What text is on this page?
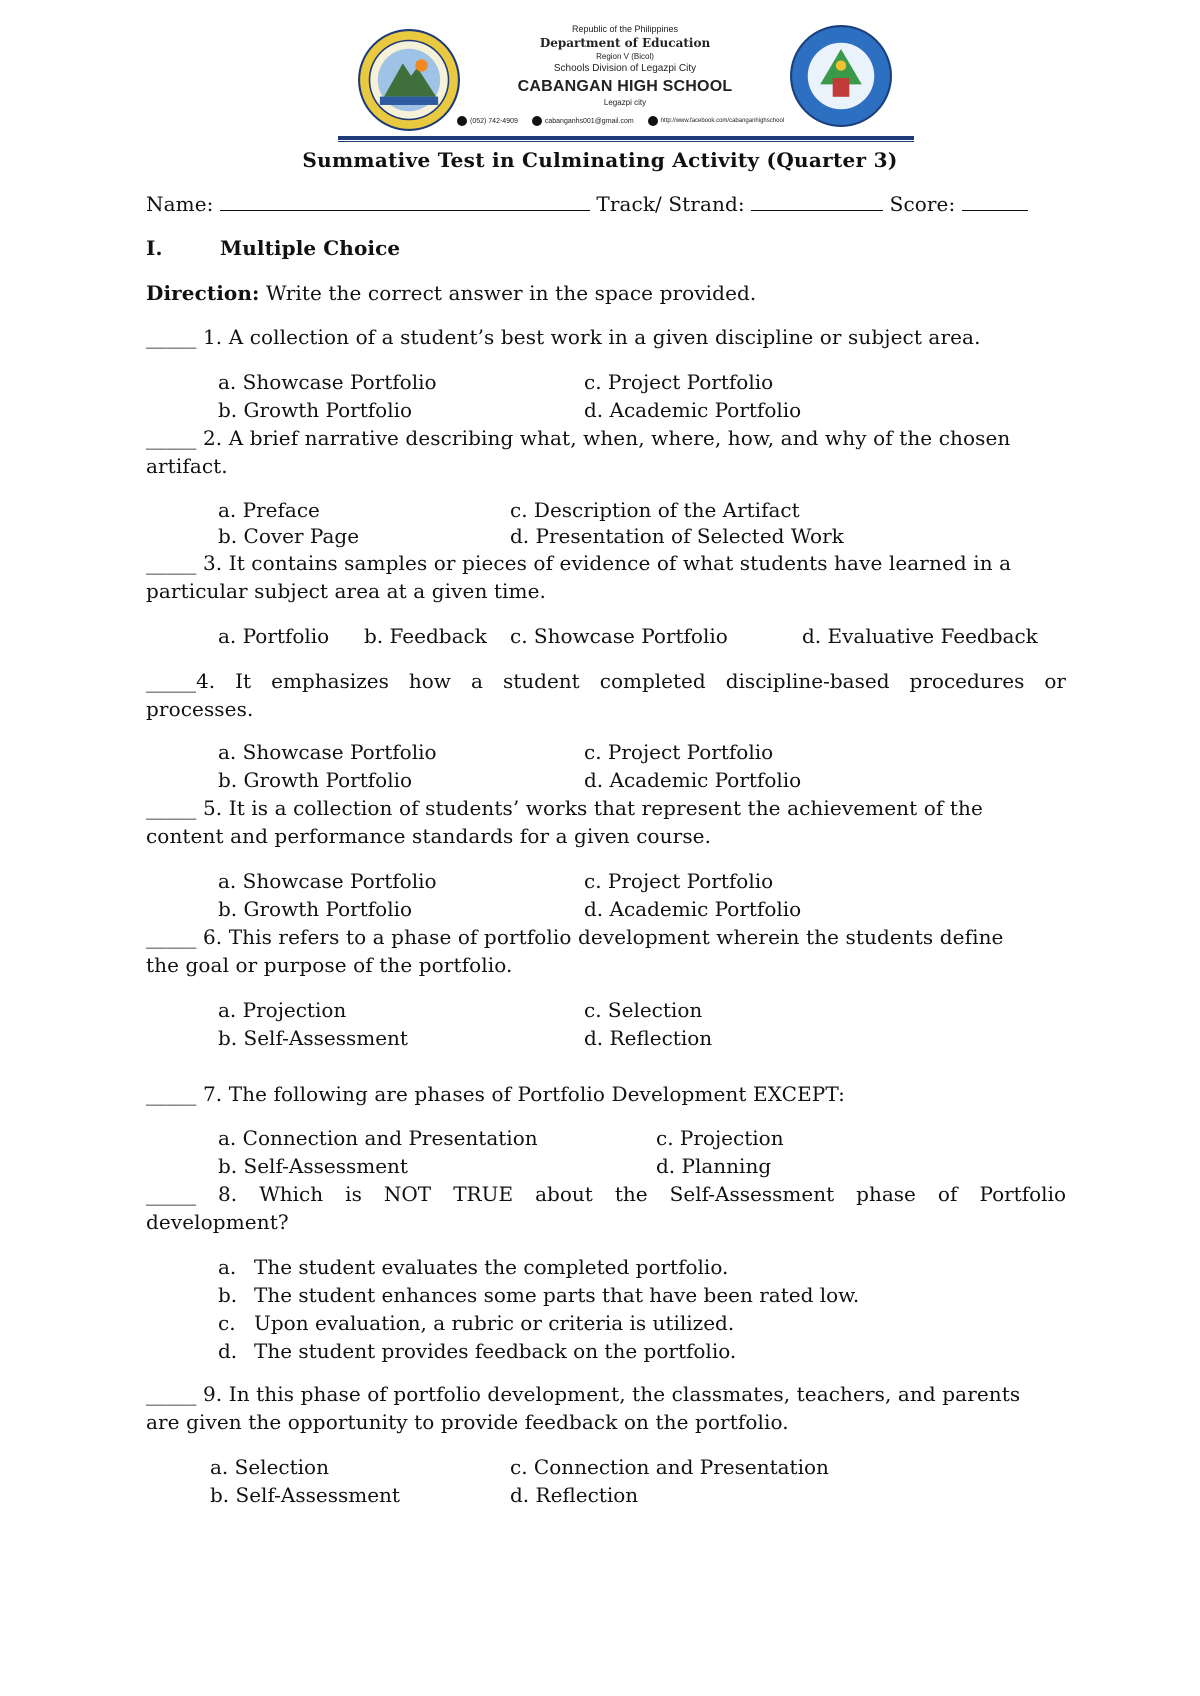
Republic of the Philippines
Department of Education
Region V (Bicol)
Schools Division of Legazpi City
CABANGAN HIGH SCHOOL
Legazpi city
(052) 742-4909	cabanganhs001@gmail.com	http://www.facebook.com/cabanganhighschool
Summative Test in Culminating Activity (Quarter 3)
Name:	Track/ Strand:	Score:
I.	Multiple Choice
Direction: Write the correct answer in the space provided.
_____ 1. A collection of a student’s best work in a given discipline or subject area.
a. Showcase Portfolio	c. Project Portfolio
b. Growth Portfolio	d. Academic Portfolio
_____ 2. A brief narrative describing what, when, where, how, and why of the chosen
artifact.
a. Preface	c. Description of the Artifact
b. Cover Page	d. Presentation of Selected Work
_____ 3. It contains samples or pieces of evidence of what students have learned in a
particular subject area at a given time.
a. Portfolio b. Feedback c. Showcase Portfolio	d. Evaluative Feedback
_____4. It emphasizes how a student completed discipline-based procedures or
processes.
a. Showcase Portfolio	c. Project Portfolio
b. Growth Portfolio	d. Academic Portfolio
_____ 5. It is a collection of students’ works that represent the achievement of the
content and performance standards for a given course.
a. Showcase Portfolio	c. Project Portfolio
b. Growth Portfolio	d. Academic Portfolio
_____ 6. This refers to a phase of portfolio development wherein the students define
the goal or purpose of the portfolio.
a. Projection	c. Selection
b. Self-Assessment	d. Reflection
_____ 7. The following are phases of Portfolio Development EXCEPT:
a. Connection and Presentation	c. Projection
b. Self-Assessment	d. Planning
_____ 8. Which is NOT TRUE about the Self-Assessment phase of Portfolio
development?
a. The student evaluates the completed portfolio.
b. The student enhances some parts that have been rated low.
c. Upon evaluation, a rubric or criteria is utilized.
d. The student provides feedback on the portfolio.
_____ 9. In this phase of portfolio development, the classmates, teachers, and parents
are given the opportunity to provide feedback on the portfolio.
a. Selection	c. Connection and Presentation
b. Self-Assessment	d. Reflection
